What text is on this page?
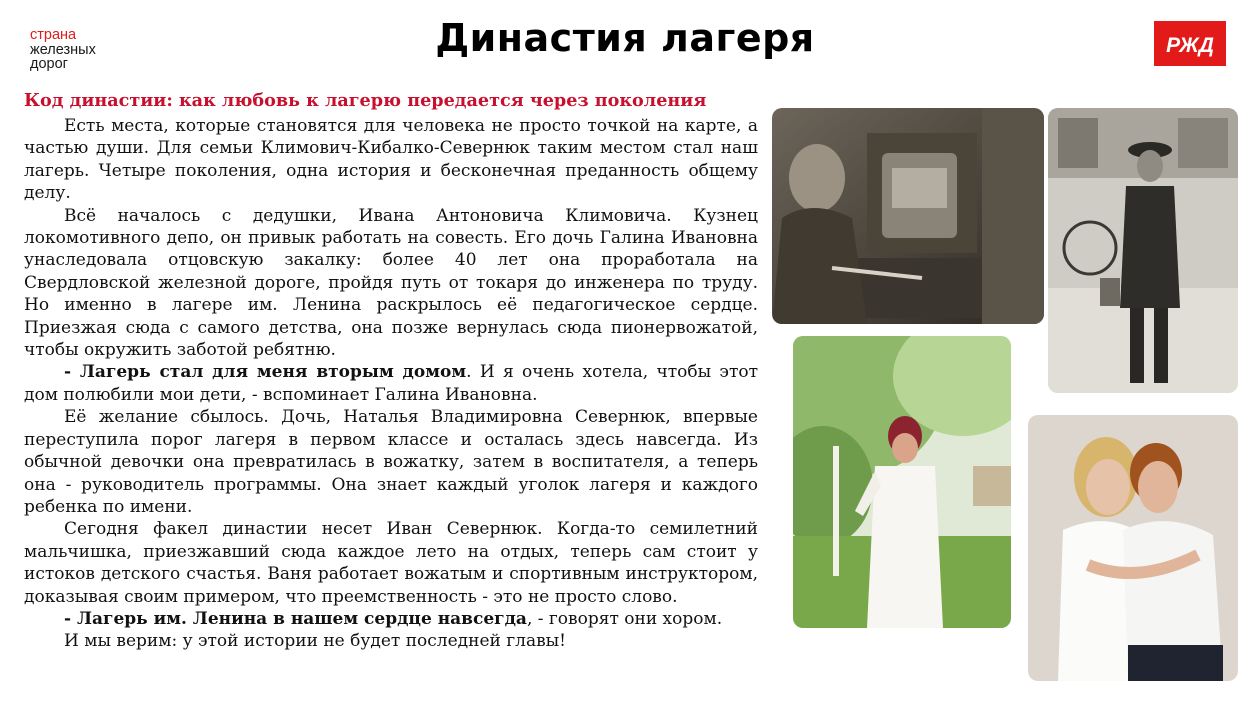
страна
железных
дорог
Династия лагеря	РЖД
Код династии: как любовь к лагерю передается через поколения

Есть места, которые становятся для человека не просто точкой на карте, а частью души. Для семьи Климович-Кибалко-Севернюк таким местом стал наш лагерь. Четыре поколения, одна история и бесконечная преданность общему делу.

Всё началось с дедушки, Ивана Антоновича Климовича. Кузнец локомотивного депо, он привык работать на совесть. Его дочь Галина Ивановна унаследовала отцовскую закалку: более 40 лет она проработала на Свердловской железной дороге, пройдя путь от токаря до инженера по труду. Но именно в лагере им. Ленина раскрылось её педагогическое сердце. Приезжая сюда с самого детства, она позже вернулась сюда пионервожатой, чтобы окружить заботой ребятню.

- Лагерь стал для меня вторым домом. И я очень хотела, чтобы этот дом полюбили мои дети, - вспоминает Галина Ивановна.

Её желание сбылось. Дочь, Наталья Владимировна Севернюк, впервые переступила порог лагеря в первом классе и осталась здесь навсегда. Из обычной девочки она превратилась в вожатку, затем в воспитателя, а теперь она - руководитель программы. Она знает каждый уголок лагеря и каждого ребенка по имени.

Сегодня факел династии несет Иван Севернюк. Когда-то семилетний мальчишка, приезжавший сюда каждое лето на отдых, теперь сам стоит у истоков детского счастья. Ваня работает вожатым и спортивным инструктором, доказывая своим примером, что преемственность - это не просто слово.

- Лагерь им. Ленина в нашем сердце навсегда, - говорят они хором.

И мы верим: у этой истории не будет последней главы!
